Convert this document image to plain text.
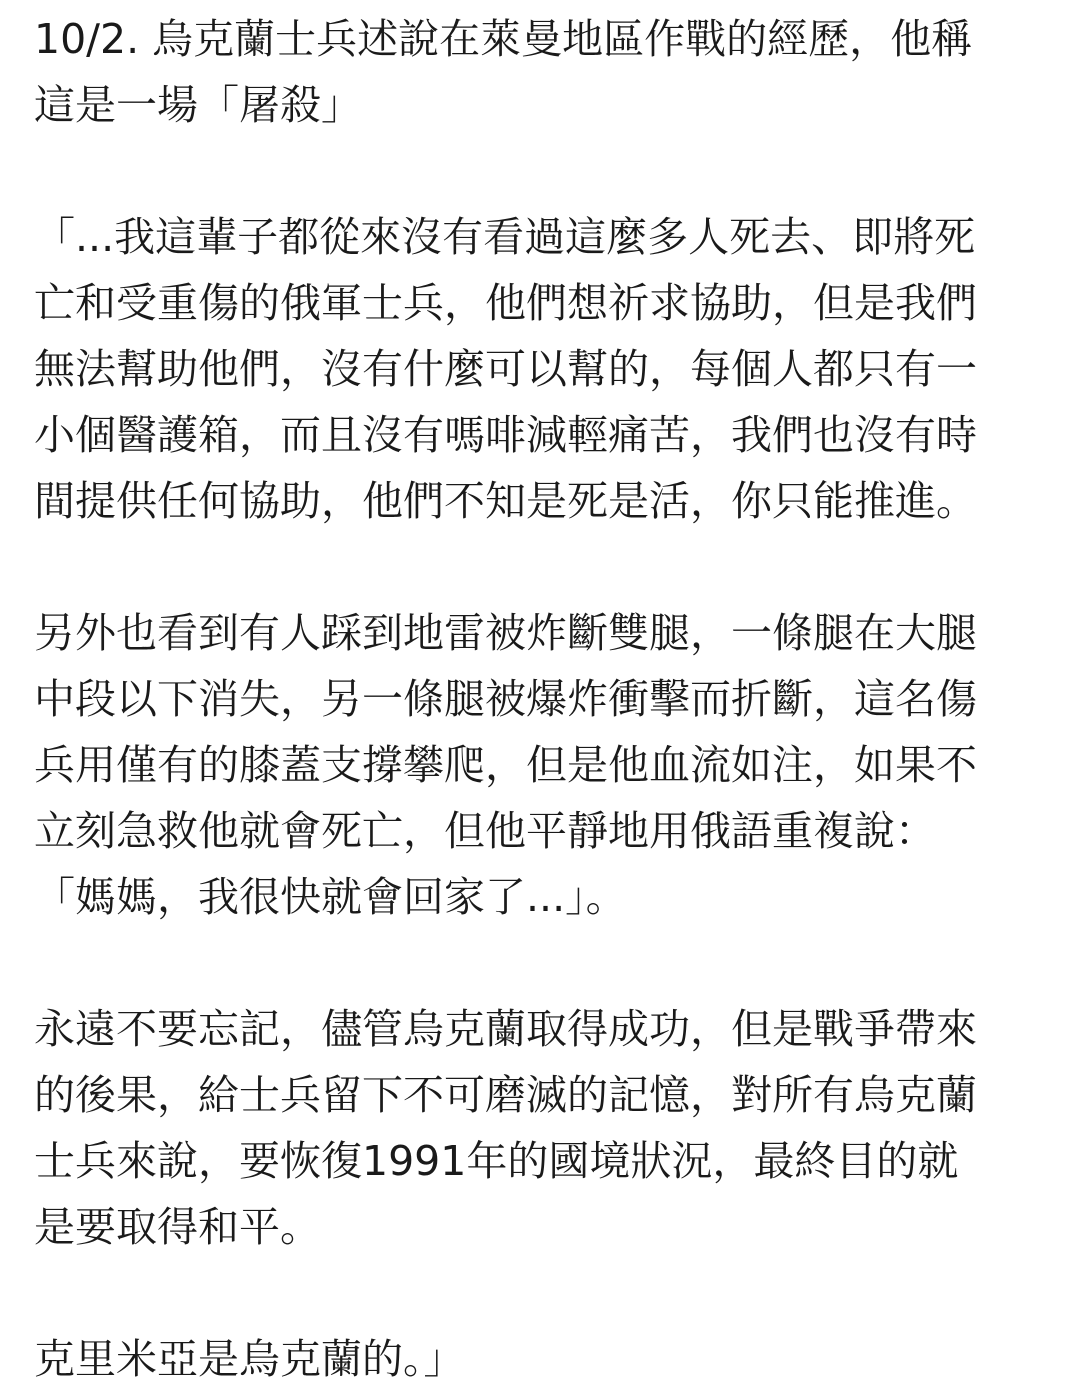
10/2. 烏克蘭士兵述說在萊曼地區作戰的經歷，他稱
這是一場「屠殺」

「...我這輩子都從來沒有看過這麼多人死去、即將死
亡和受重傷的俄軍士兵，他們想祈求協助，但是我們
無法幫助他們，沒有什麼可以幫的，每個人都只有一
小個醫護箱，而且沒有嗎啡減輕痛苦，我們也沒有時
間提供任何協助，他們不知是死是活，你只能推進。

另外也看到有人踩到地雷被炸斷雙腿，一條腿在大腿
中段以下消失，另一條腿被爆炸衝擊而折斷，這名傷
兵用僅有的膝蓋支撐攀爬，但是他血流如注，如果不
立刻急救他就會死亡，但他平靜地用俄語重複說：
「媽媽，我很快就會回家了...」。

永遠不要忘記，儘管烏克蘭取得成功，但是戰爭帶來
的後果，給士兵留下不可磨滅的記憶，對所有烏克蘭
士兵來說，要恢復1991年的國境狀況，最終目的就
是要取得和平。

克里米亞是烏克蘭的。」
